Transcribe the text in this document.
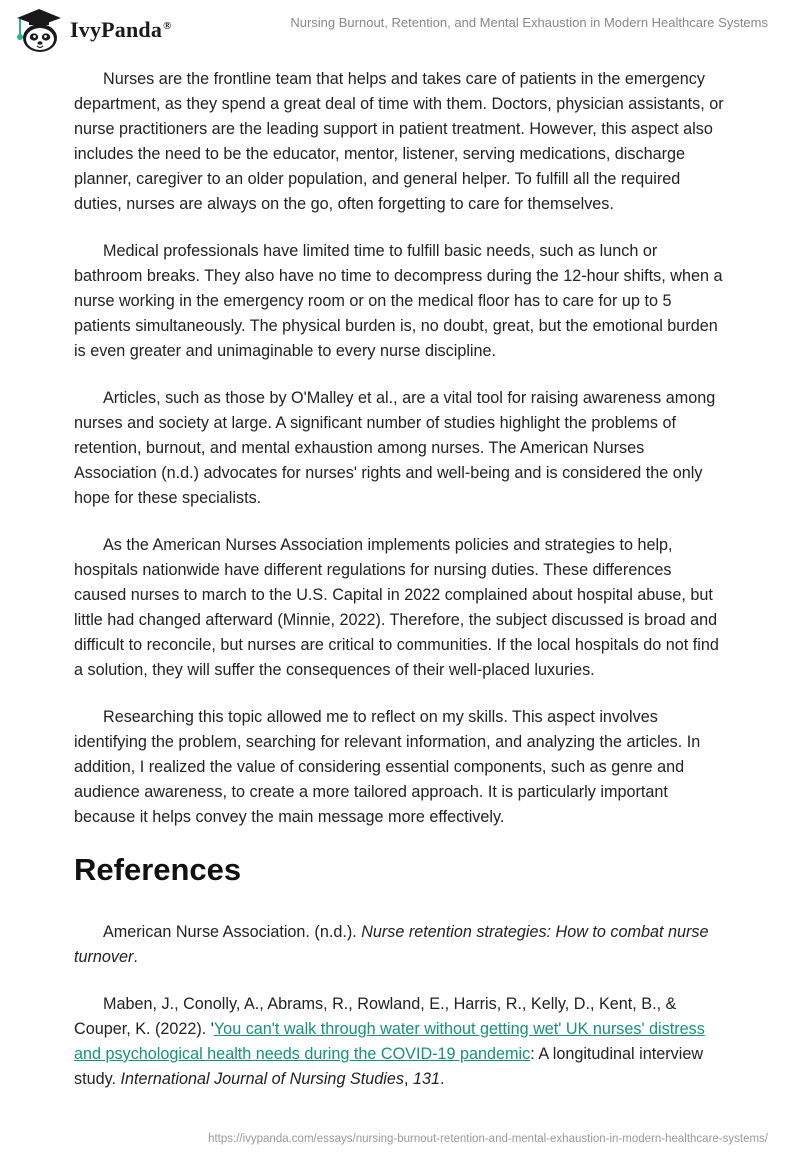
IvyPanda®	Nursing Burnout, Retention, and Mental Exhaustion in Modern Healthcare Systems

Nurses are the frontline team that helps and takes care of patients in the emergency department, as they spend a great deal of time with them. Doctors, physician assistants, or nurse practitioners are the leading support in patient treatment. However, this aspect also includes the need to be the educator, mentor, listener, serving medications, discharge planner, caregiver to an older population, and general helper. To fulfill all the required duties, nurses are always on the go, often forgetting to care for themselves.

Medical professionals have limited time to fulfill basic needs, such as lunch or bathroom breaks. They also have no time to decompress during the 12-hour shifts, when a nurse working in the emergency room or on the medical floor has to care for up to 5 patients simultaneously. The physical burden is, no doubt, great, but the emotional burden is even greater and unimaginable to every nurse discipline.

Articles, such as those by O'Malley et al., are a vital tool for raising awareness among nurses and society at large. A significant number of studies highlight the problems of retention, burnout, and mental exhaustion among nurses. The American Nurses Association (n.d.) advocates for nurses' rights and well-being and is considered the only hope for these specialists.

As the American Nurses Association implements policies and strategies to help, hospitals nationwide have different regulations for nursing duties. These differences caused nurses to march to the U.S. Capital in 2022 complained about hospital abuse, but little had changed afterward (Minnie, 2022). Therefore, the subject discussed is broad and difficult to reconcile, but nurses are critical to communities. If the local hospitals do not find a solution, they will suffer the consequences of their well-placed luxuries.

Researching this topic allowed me to reflect on my skills. This aspect involves identifying the problem, searching for relevant information, and analyzing the articles. In addition, I realized the value of considering essential components, such as genre and audience awareness, to create a more tailored approach. It is particularly important because it helps convey the main message more effectively.

References

American Nurse Association. (n.d.). Nurse retention strategies: How to combat nurse turnover.

Maben, J., Conolly, A., Abrams, R., Rowland, E., Harris, R., Kelly, D., Kent, B., & Couper, K. (2022). 'You can't walk through water without getting wet' UK nurses' distress and psychological health needs during the COVID-19 pandemic: A longitudinal interview study. International Journal of Nursing Studies, 131.

https://ivypanda.com/essays/nursing-burnout-retention-and-mental-exhaustion-in-modern-healthcare-systems/
